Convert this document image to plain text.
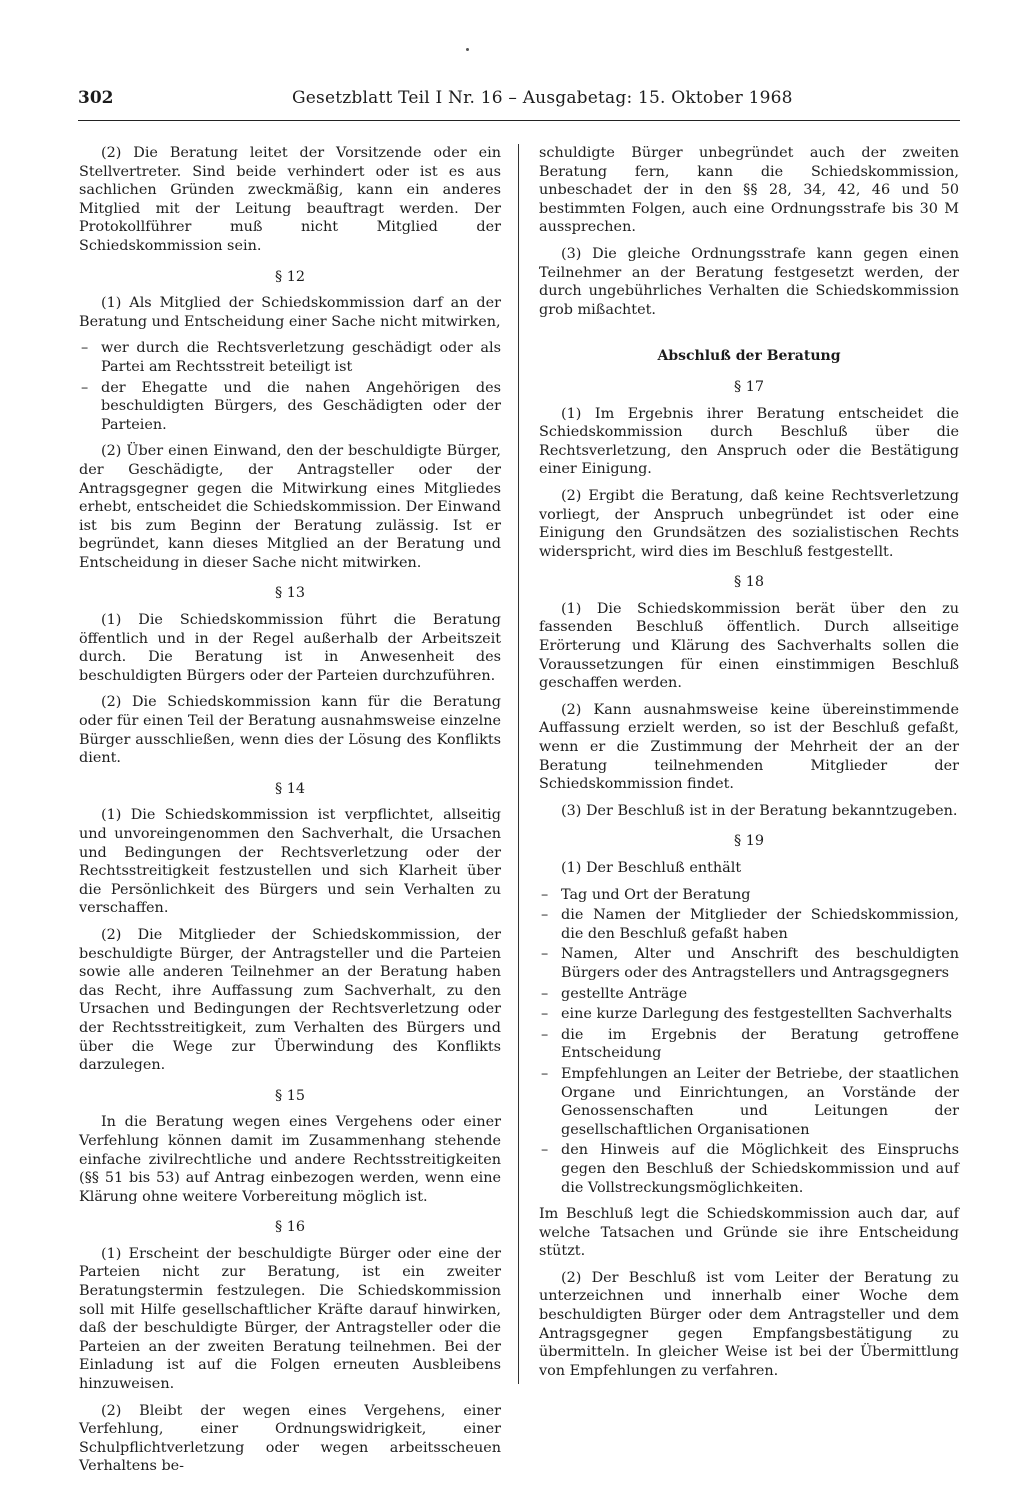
302	Gesetzblatt Teil I Nr. 16 – Ausgabetag: 15. Oktober 1968

(2) Die Beratung leitet der Vorsitzende oder ein Stellvertreter. Sind beide verhindert oder ist es aus sachlichen Gründen zweckmäßig, kann ein anderes Mitglied mit der Leitung beauftragt werden. Der Protokollführer muß nicht Mitglied der Schiedskommission sein.

§ 12

(1) Als Mitglied der Schiedskommission darf an der Beratung und Entscheidung einer Sache nicht mitwirken,

– wer durch die Rechtsverletzung geschädigt oder als Partei am Rechtsstreit beteiligt ist
– der Ehegatte und die nahen Angehörigen des beschuldigten Bürgers, des Geschädigten oder der Parteien.

(2) Über einen Einwand, den der beschuldigte Bürger, der Geschädigte, der Antragsteller oder der Antragsgegner gegen die Mitwirkung eines Mitgliedes erhebt, entscheidet die Schiedskommission. Der Einwand ist bis zum Beginn der Beratung zulässig. Ist er begründet, kann dieses Mitglied an der Beratung und Entscheidung in dieser Sache nicht mitwirken.

§ 13

(1) Die Schiedskommission führt die Beratung öffentlich und in der Regel außerhalb der Arbeitszeit durch. Die Beratung ist in Anwesenheit des beschuldigten Bürgers oder der Parteien durchzuführen.

(2) Die Schiedskommission kann für die Beratung oder für einen Teil der Beratung ausnahmsweise einzelne Bürger ausschließen, wenn dies der Lösung des Konflikts dient.

§ 14

(1) Die Schiedskommission ist verpflichtet, allseitig und unvoreingenommen den Sachverhalt, die Ursachen und Bedingungen der Rechtsverletzung oder der Rechtsstreitigkeit festzustellen und sich Klarheit über die Persönlichkeit des Bürgers und sein Verhalten zu verschaffen.

(2) Die Mitglieder der Schiedskommission, der beschuldigte Bürger, der Antragsteller und die Parteien sowie alle anderen Teilnehmer an der Beratung haben das Recht, ihre Auffassung zum Sachverhalt, zu den Ursachen und Bedingungen der Rechtsverletzung oder der Rechtsstreitigkeit, zum Verhalten des Bürgers und über die Wege zur Überwindung des Konflikts darzulegen.

§ 15

In die Beratung wegen eines Vergehens oder einer Verfehlung können damit im Zusammenhang stehende einfache zivilrechtliche und andere Rechtsstreitigkeiten (§§ 51 bis 53) auf Antrag einbezogen werden, wenn eine Klärung ohne weitere Vorbereitung möglich ist.

§ 16

(1) Erscheint der beschuldigte Bürger oder eine der Parteien nicht zur Beratung, ist ein zweiter Beratungstermin festzulegen. Die Schiedskommission soll mit Hilfe gesellschaftlicher Kräfte darauf hinwirken, daß der beschuldigte Bürger, der Antragsteller oder die Parteien an der zweiten Beratung teilnehmen. Bei der Einladung ist auf die Folgen erneuten Ausbleibens hinzuweisen.

(2) Bleibt der wegen eines Vergehens, einer Verfehlung, einer Ordnungswidrigkeit, einer Schulpflichtverletzung oder wegen arbeitsscheuen Verhaltens be-

schuldigte Bürger unbegründet auch der zweiten Beratung fern, kann die Schiedskommission, unbeschadet der in den §§ 28, 34, 42, 46 und 50 bestimmten Folgen, auch eine Ordnungsstrafe bis 30 M aussprechen.

(3) Die gleiche Ordnungsstrafe kann gegen einen Teilnehmer an der Beratung festgesetzt werden, der durch ungebührliches Verhalten die Schiedskommission grob mißachtet.

Abschluß der Beratung
§ 17

(1) Im Ergebnis ihrer Beratung entscheidet die Schiedskommission durch Beschluß über die Rechtsverletzung, den Anspruch oder die Bestätigung einer Einigung.

(2) Ergibt die Beratung, daß keine Rechtsverletzung vorliegt, der Anspruch unbegründet ist oder eine Einigung den Grundsätzen des sozialistischen Rechts widerspricht, wird dies im Beschluß festgestellt.

§ 18

(1) Die Schiedskommission berät über den zu fassenden Beschluß öffentlich. Durch allseitige Erörterung und Klärung des Sachverhalts sollen die Voraussetzungen für einen einstimmigen Beschluß geschaffen werden.

(2) Kann ausnahmsweise keine übereinstimmende Auffassung erzielt werden, so ist der Beschluß gefaßt, wenn er die Zustimmung der Mehrheit der an der Beratung teilnehmenden Mitglieder der Schiedskommission findet.

(3) Der Beschluß ist in der Beratung bekanntzugeben.

§ 19

(1) Der Beschluß enthält

– Tag und Ort der Beratung
– die Namen der Mitglieder der Schiedskommission, die den Beschluß gefaßt haben
– Namen, Alter und Anschrift des beschuldigten Bürgers oder des Antragstellers und Antragsgegners
– gestellte Anträge
– eine kurze Darlegung des festgestellten Sachverhalts
– die im Ergebnis der Beratung getroffene Entscheidung
– Empfehlungen an Leiter der Betriebe, der staatlichen Organe und Einrichtungen, an Vorstände der Genossenschaften und Leitungen der gesellschaftlichen Organisationen
– den Hinweis auf die Möglichkeit des Einspruchs gegen den Beschluß der Schiedskommission und auf die Vollstreckungsmöglichkeiten.

Im Beschluß legt die Schiedskommission auch dar, auf welche Tatsachen und Gründe sie ihre Entscheidung stützt.

(2) Der Beschluß ist vom Leiter der Beratung zu unterzeichnen und innerhalb einer Woche dem beschuldigten Bürger oder dem Antragsteller und dem Antragsgegner gegen Empfangsbestätigung zu übermitteln. In gleicher Weise ist bei der Übermittlung von Empfehlungen zu verfahren.
